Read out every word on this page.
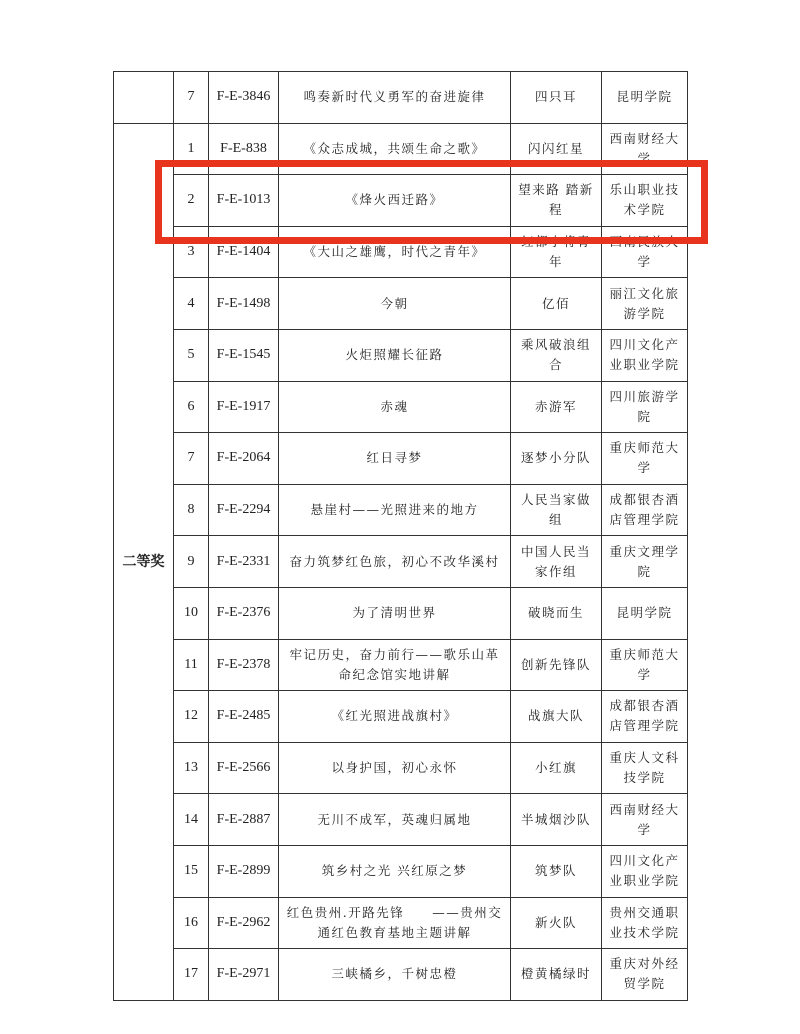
	7	F-E-3846	鸣奏新时代义勇军的奋进旋律	四只耳	昆明学院
二等奖	1	F-E-838	《众志成城，共颂生命之歌》	闪闪红星	西南财经大学
	2	F-E-1013	《烽火西迁路》	望来路 踏新程	乐山职业技术学院
	3	F-E-1404	《大山之雄鹰，时代之青年》	红都小将青年	西南民族大学
	4	F-E-1498	今朝	亿佰	丽江文化旅游学院
	5	F-E-1545	火炬照耀长征路	乘风破浪组合	四川文化产业职业学院
	6	F-E-1917	赤魂	赤游军	四川旅游学院
	7	F-E-2064	红日寻梦	逐梦小分队	重庆师范大学
	8	F-E-2294	悬崖村——光照进来的地方	人民当家做组	成都银杏酒店管理学院
	9	F-E-2331	奋力筑梦红色旅，初心不改华溪村	中国人民当家作组	重庆文理学院
	10	F-E-2376	为了清明世界	破晓而生	昆明学院
	11	F-E-2378	牢记历史，奋力前行——歌乐山革命纪念馆实地讲解	创新先锋队	重庆师范大学
	12	F-E-2485	《红光照进战旗村》	战旗大队	成都银杏酒店管理学院
	13	F-E-2566	以身护国，初心永怀	小红旗	重庆人文科技学院
	14	F-E-2887	无川不成军，英魂归属地	半城烟沙队	西南财经大学
	15	F-E-2899	筑乡村之光 兴红原之梦	筑梦队	四川文化产业职业学院
	16	F-E-2962	红色贵州.开路先锋　　——贵州交通红色教育基地主题讲解	新火队	贵州交通职业技术学院
	17	F-E-2971	三峡橘乡，千树忠橙	橙黄橘绿时	重庆对外经贸学院
